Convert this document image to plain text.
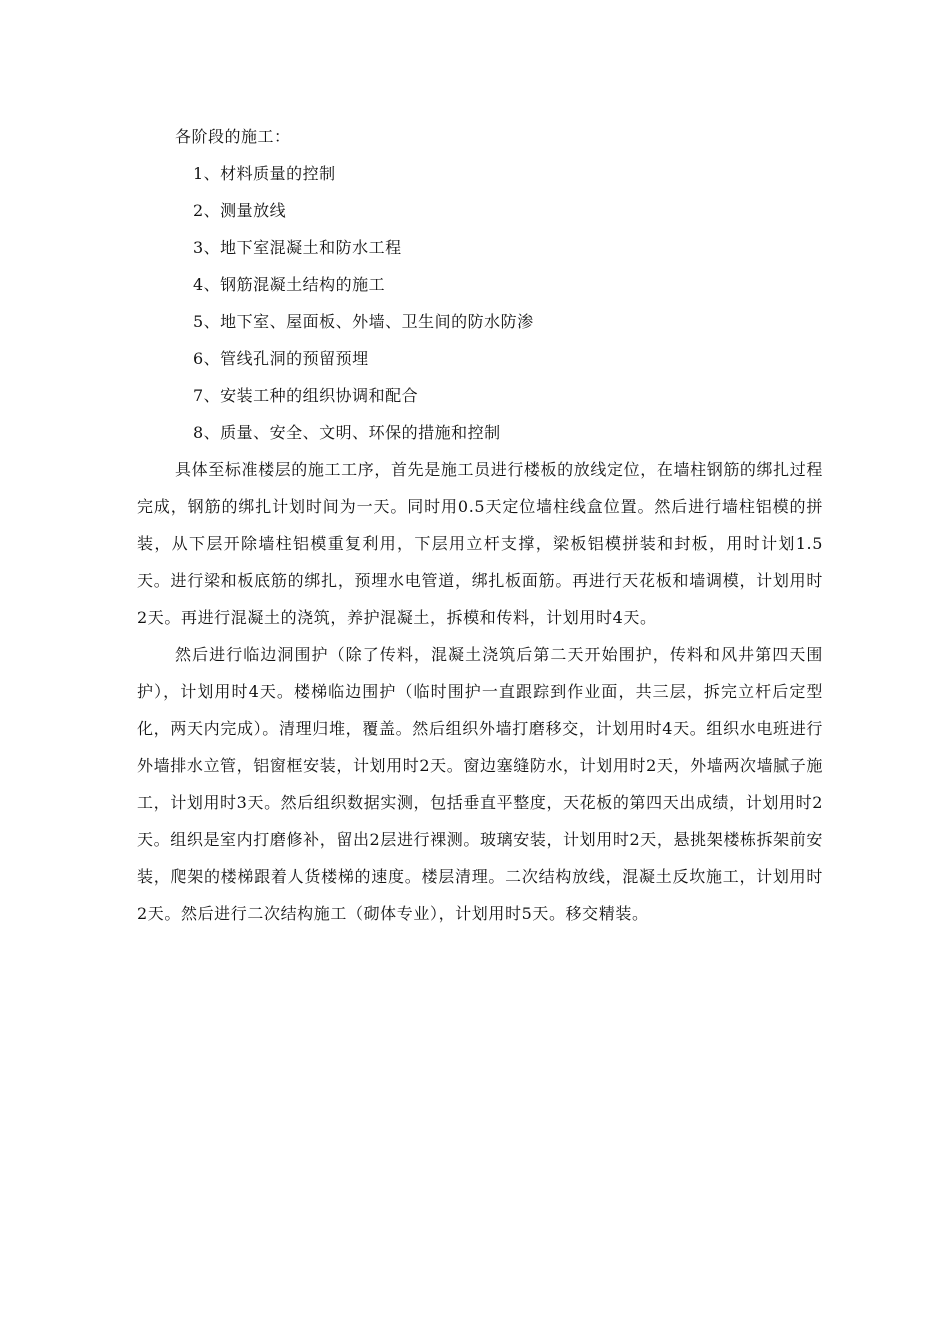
各阶段的施工：

1、材料质量的控制
2、测量放线
3、地下室混凝土和防水工程
4、钢筋混凝土结构的施工
5、地下室、屋面板、外墙、卫生间的防水防渗
6、管线孔洞的预留预埋
7、安装工种的组织协调和配合
8、质量、安全、文明、环保的措施和控制

具体至标准楼层的施工工序，首先是施工员进行楼板的放线定位，在墙柱钢筋的绑扎过程完成，钢筋的绑扎计划时间为一天。同时用0.5天定位墙柱线盒位置。然后进行墙柱铝模的拼装，从下层开除墙柱铝模重复利用，下层用立杆支撑，梁板铝模拼装和封板，用时计划1.5天。进行梁和板底筋的绑扎，预埋水电管道，绑扎板面筋。再进行天花板和墙调模，计划用时2天。再进行混凝土的浇筑，养护混凝土，拆模和传料，计划用时4天。

然后进行临边洞围护（除了传料，混凝土浇筑后第二天开始围护，传料和风井第四天围护），计划用时4天。楼梯临边围护（临时围护一直跟踪到作业面，共三层，拆完立杆后定型化，两天内完成）。清理归堆，覆盖。然后组织外墙打磨移交，计划用时4天。组织水电班进行外墙排水立管，铝窗框安装，计划用时2天。窗边塞缝防水，计划用时2天，外墙两次墙腻子施工，计划用时3天。然后组织数据实测，包括垂直平整度，天花板的第四天出成绩，计划用时2天。组织是室内打磨修补，留出2层进行裸测。玻璃安装，计划用时2天，悬挑架楼栋拆架前安装，爬架的楼梯跟着人货楼梯的速度。楼层清理。二次结构放线，混凝土反坎施工，计划用时2天。然后进行二次结构施工（砌体专业），计划用时5天。移交精装。
